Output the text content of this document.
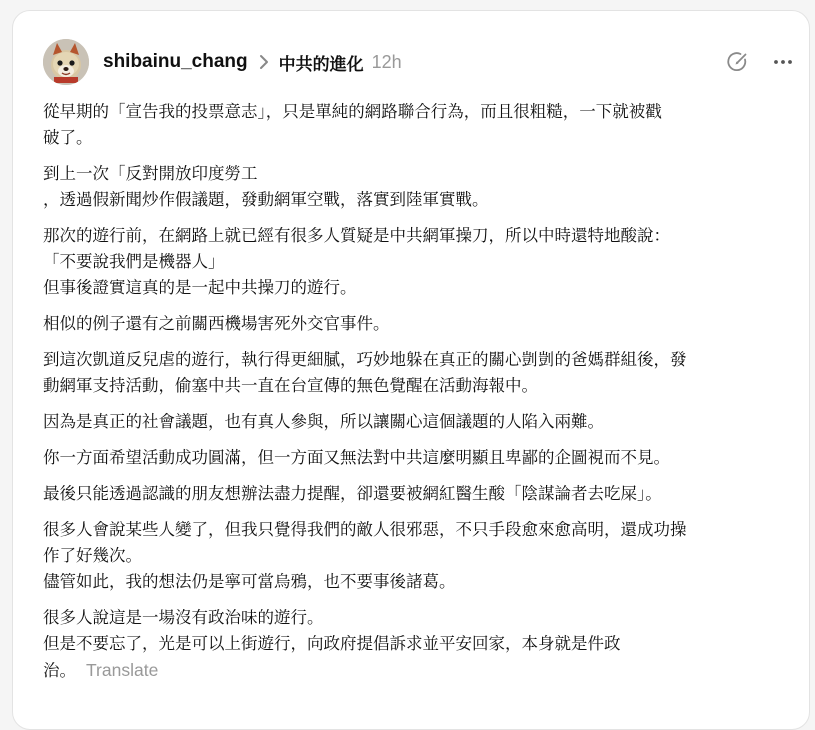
shibainu_chang 中共的進化 12h
從早期的「宣告我的投票意志」，只是單純的網路聯合行為，而且很粗糙，一下就被戳
破了。
到上一次「反對開放印度勞工
，透過假新聞炒作假議題，發動網軍空戰，落實到陸軍實戰。
那次的遊行前，在網路上就已經有很多人質疑是中共網軍操刀，所以中時還特地酸說：
「不要說我們是機器人」
但事後證實這真的是一起中共操刀的遊行。
相似的例子還有之前關西機場害死外交官事件。
到這次凱道反兒虐的遊行，執行得更細膩，巧妙地躲在真正的關心剴剴的爸媽群組後，發
動網軍支持活動，偷塞中共一直在台宣傳的無色覺醒在活動海報中。
因為是真正的社會議題，也有真人參與，所以讓關心這個議題的人陷入兩難。
你一方面希望活動成功圓滿，但一方面又無法對中共這麼明顯且卑鄙的企圖視而不見。
最後只能透過認識的朋友想辦法盡力提醒，卻還要被網紅醫生酸「陰謀論者去吃屎」。
很多人會說某些人變了，但我只覺得我們的敵人很邪惡，不只手段愈來愈高明，還成功操
作了好幾次。
儘管如此，我的想法仍是寧可當烏鴉，也不要事後諸葛。
很多人說這是一場沒有政治味的遊行。
但是不要忘了，光是可以上街遊行，向政府提倡訴求並平安回家，本身就是件政
治。 Translate
